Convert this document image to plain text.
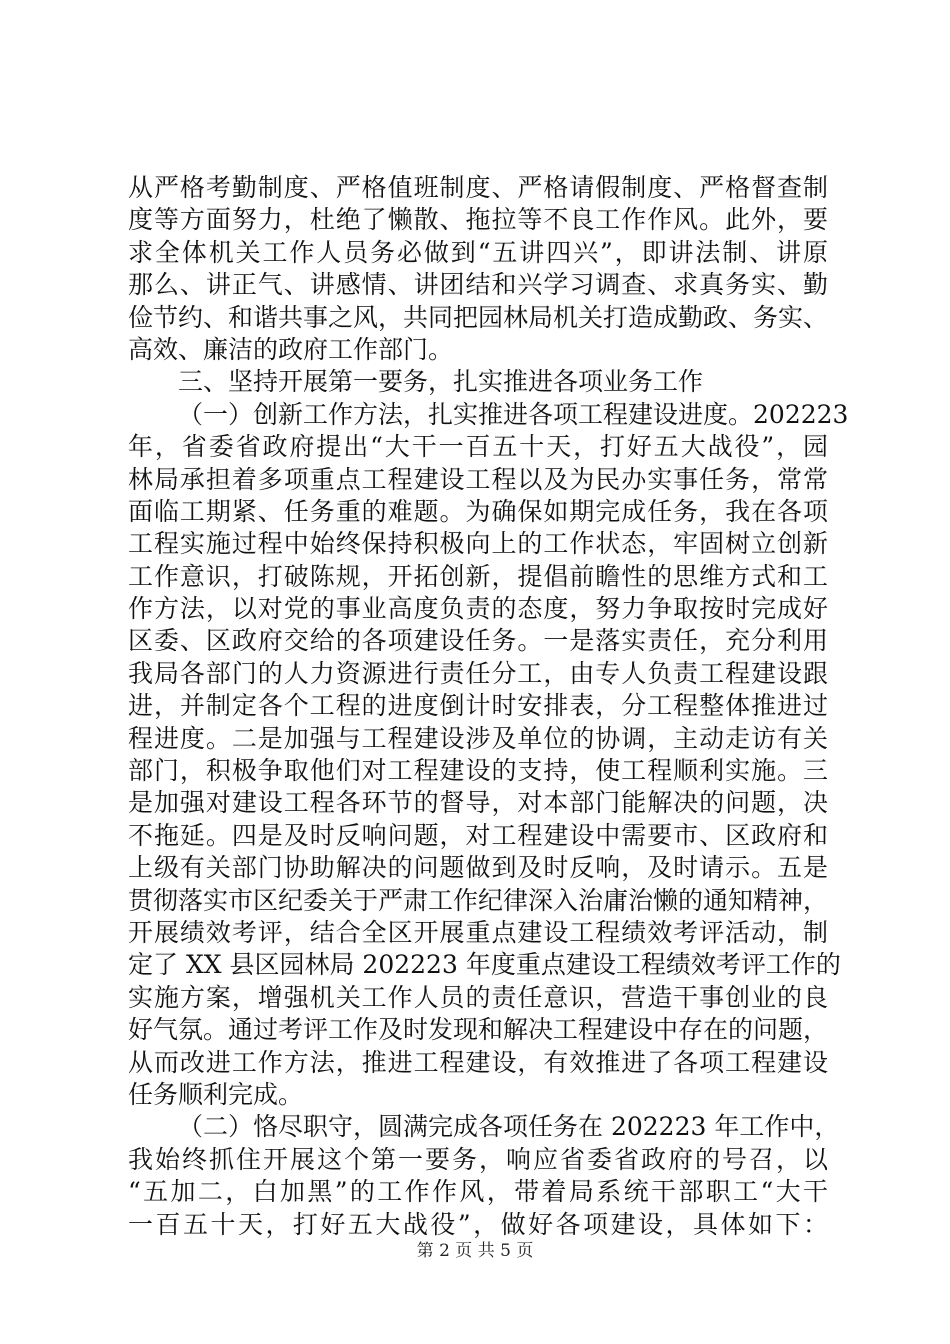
从严格考勤制度、严格值班制度、严格请假制度、严格督查制
度等方面努力，杜绝了懒散、拖拉等不良工作作风。此外，要
求全体机关工作人员务必做到“五讲四兴”，即讲法制、讲原
那么、讲正气、讲感情、讲团结和兴学习调查、求真务实、勤
俭节约、和谐共事之风，共同把园林局机关打造成勤政、务实、
高效、廉洁的政府工作部门。
三、坚持开展第一要务，扎实推进各项业务工作
（一）创新工作方法，扎实推进各项工程建设进度。202223
年，省委省政府提出“大干一百五十天，打好五大战役”，园
林局承担着多项重点工程建设工程以及为民办实事任务，常常
面临工期紧、任务重的难题。为确保如期完成任务，我在各项
工程实施过程中始终保持积极向上的工作状态，牢固树立创新
工作意识，打破陈规，开拓创新，提倡前瞻性的思维方式和工
作方法，以对党的事业高度负责的态度，努力争取按时完成好
区委、区政府交给的各项建设任务。一是落实责任，充分利用
我局各部门的人力资源进行责任分工，由专人负责工程建设跟
进，并制定各个工程的进度倒计时安排表，分工程整体推进过
程进度。二是加强与工程建设涉及单位的协调，主动走访有关
部门，积极争取他们对工程建设的支持，使工程顺利实施。三
是加强对建设工程各环节的督导，对本部门能解决的问题，决
不拖延。四是及时反响问题，对工程建设中需要市、区政府和
上级有关部门协助解决的问题做到及时反响，及时请示。五是
贯彻落实市区纪委关于严肃工作纪律深入治庸治懒的通知精神，
开展绩效考评，结合全区开展重点建设工程绩效考评活动，制
定了 XX 县区园林局 202223 年度重点建设工程绩效考评工作的
实施方案，增强机关工作人员的责任意识，营造干事创业的良
好气氛。通过考评工作及时发现和解决工程建设中存在的问题，
从而改进工作方法，推进工程建设，有效推进了各项工程建设
任务顺利完成。
（二）恪尽职守，圆满完成各项任务在 202223 年工作中，
我始终抓住开展这个第一要务，响应省委省政府的号召，以
“五加二，白加黑”的工作作风，带着局系统干部职工“大干
一百五十天，打好五大战役”，做好各项建设，具体如下：
第 2 页 共 5 页
